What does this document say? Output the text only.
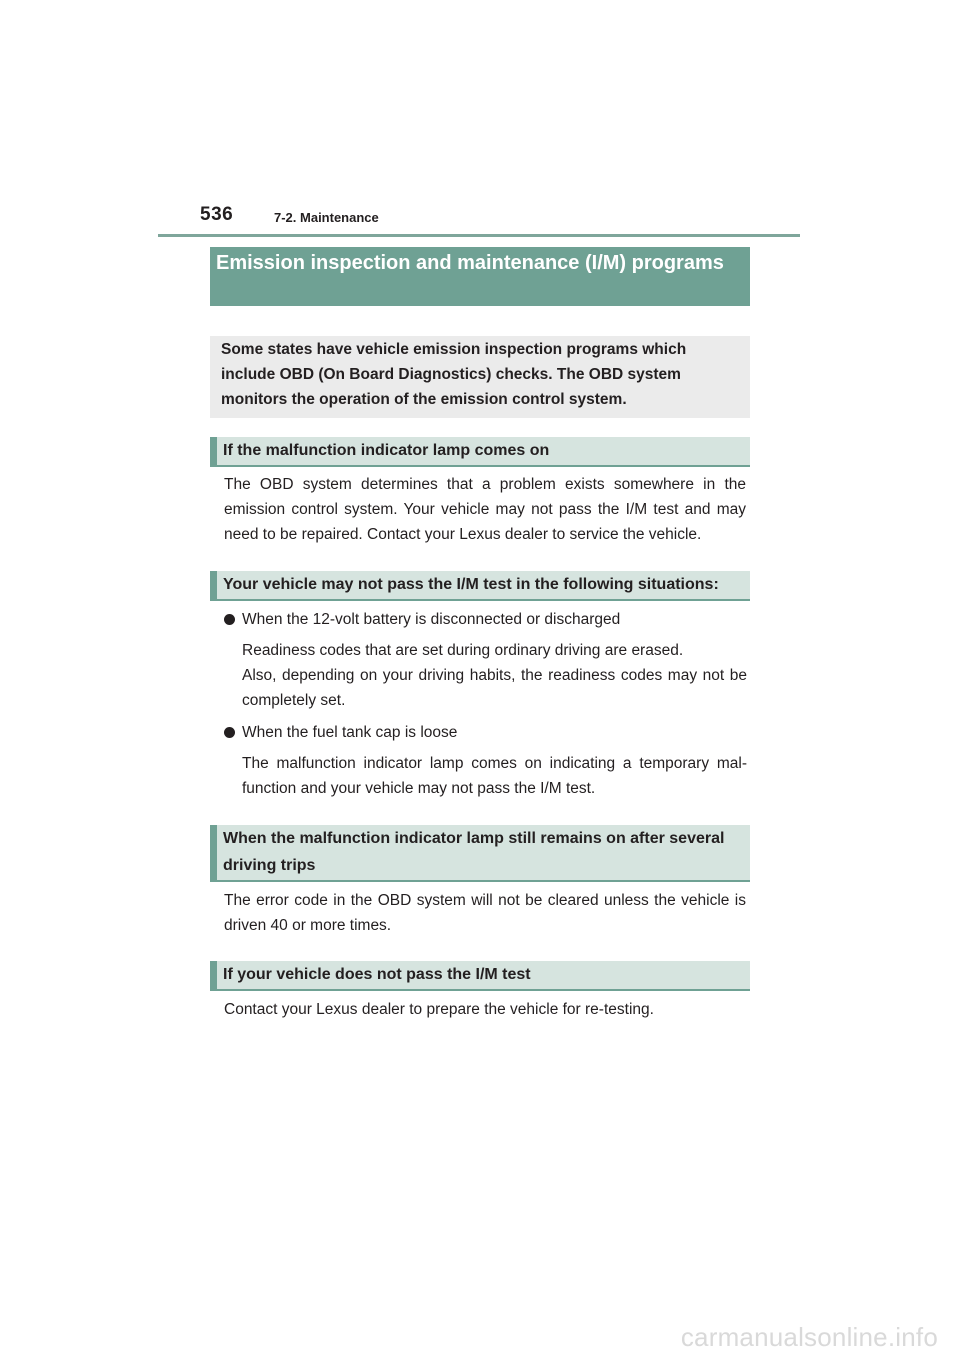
536	7-2. Maintenance
Emission inspection and maintenance (I/M) programs
Some states have vehicle emission inspection programs which include OBD (On Board Diagnostics) checks. The OBD system monitors the operation of the emission control system.
If the malfunction indicator lamp comes on
The OBD system determines that a problem exists somewhere in the emission control system. Your vehicle may not pass the I/M test and may need to be repaired. Contact your Lexus dealer to service the vehicle.
Your vehicle may not pass the I/M test in the following situations:
When the 12-volt battery is disconnected or discharged
Readiness codes that are set during ordinary driving are erased.
Also, depending on your driving habits, the readiness codes may not be completely set.
When the fuel tank cap is loose
The malfunction indicator lamp comes on indicating a temporary mal-function and your vehicle may not pass the I/M test.
When the malfunction indicator lamp still remains on after several driving trips
The error code in the OBD system will not be cleared unless the vehicle is driven 40 or more times.
If your vehicle does not pass the I/M test
Contact your Lexus dealer to prepare the vehicle for re-testing.
carmanualsonline.info
